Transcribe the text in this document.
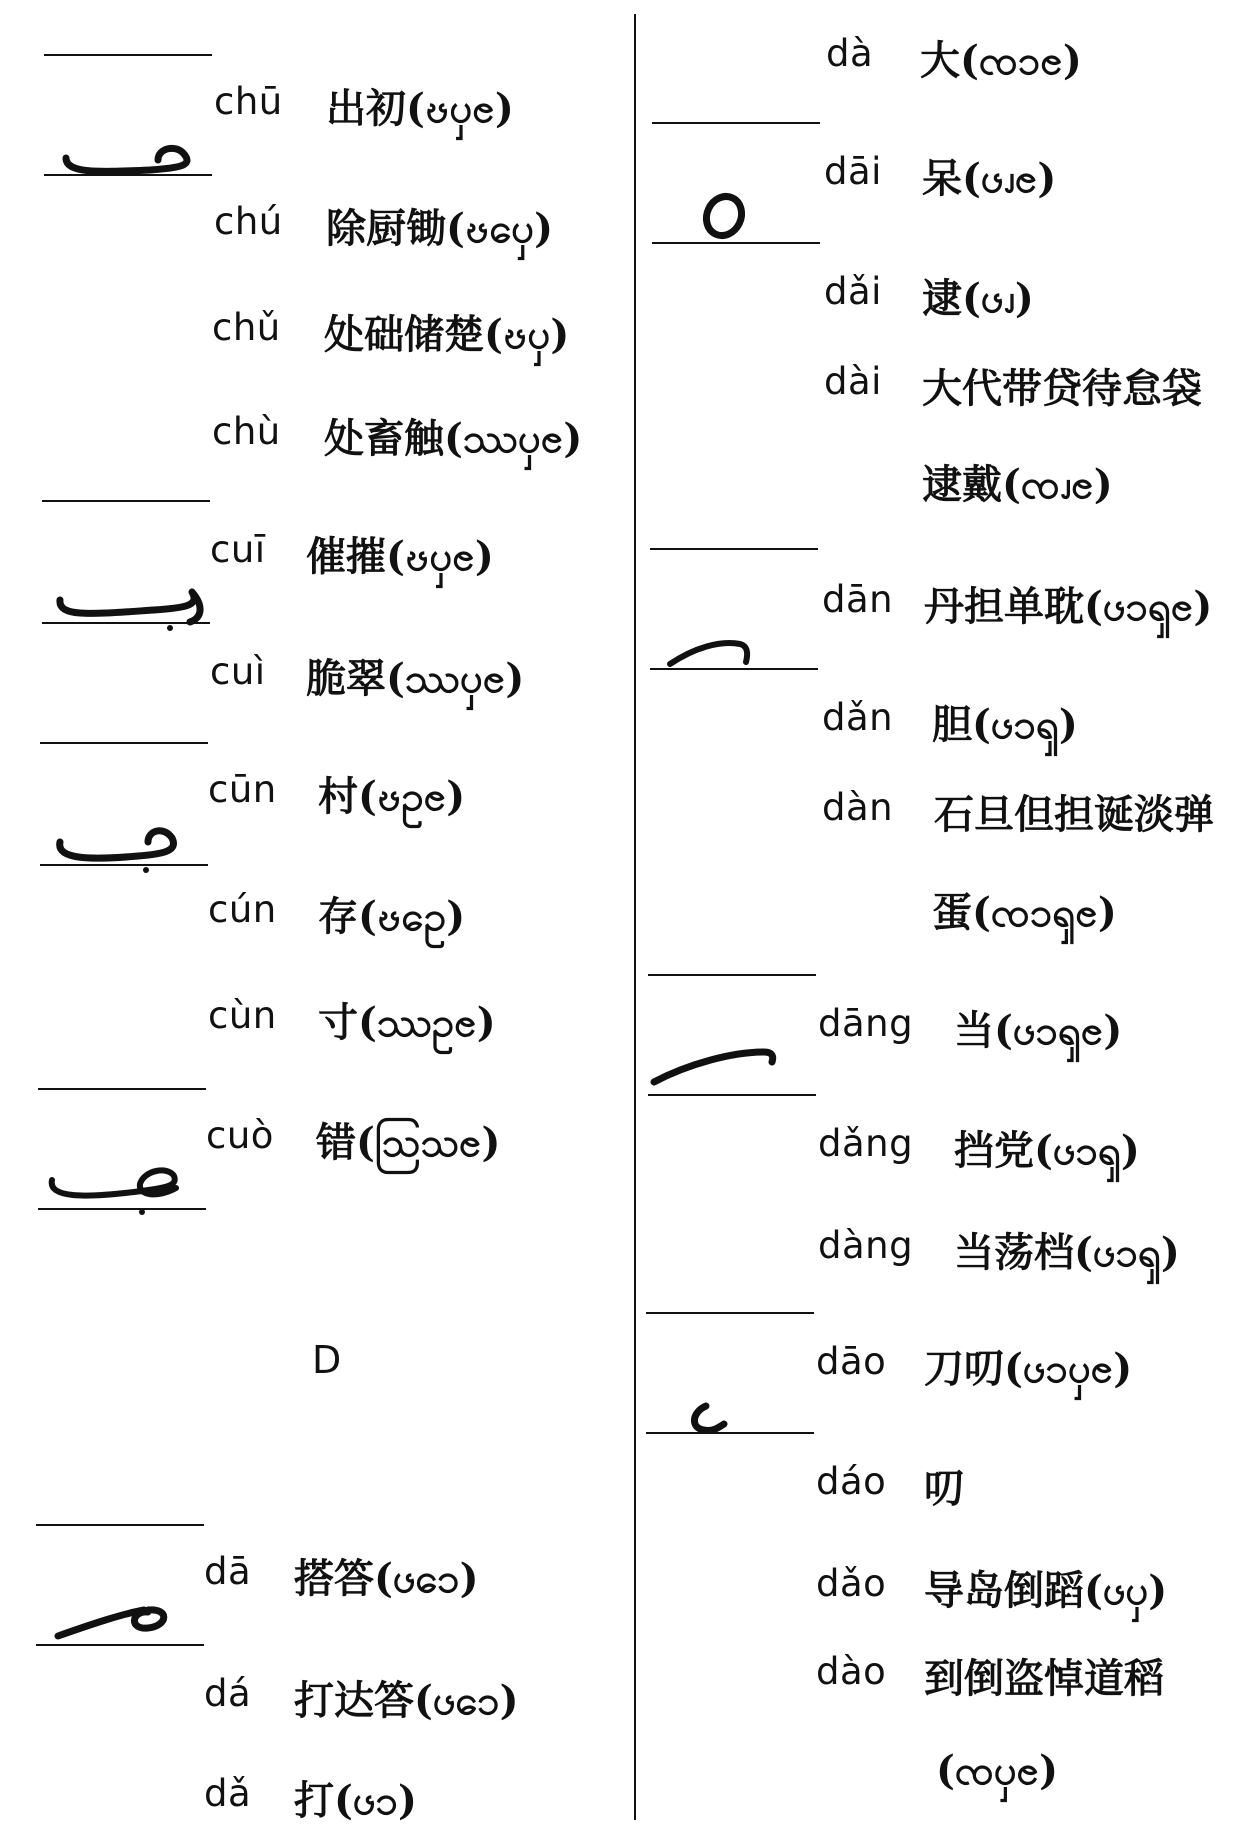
chū 出初(ၓၦၔ)
chú 除厨锄(ၓၦေ)
chǔ 处础储楚(ၓၦ)
chù 处畜触(ဿၦၔ)
cuī 催摧(ၓၦၔ)
cuì 脆翠(ဿၦၔ)
cūn 村(ၓဥၔ)
cún 存(ၓဥေ)
cùn 寸(ဿဥၔ)
cuò 错(ဩသၔ)
D
dā 搭答(ၒၥေ)
dá 打达答(ၒၥေ)
dǎ 打(ၒၥ)
dà 大(ၸၥၔ)
dāi 呆(ၒၪၔ)
dǎi 逮(ၒၪ)
dài 大代带贷待怠袋
逮戴(ၸၪၔ)
dān 丹担单耽(ၒၥၡၔ)
dǎn 胆(ၒၥၡ)
dàn 石旦但担诞淡弹
蛋(ၸၥၡၔ)
dāng 当(ၒၥၡၔ)
dǎng 挡党(ၒၥၡ)
dàng 当荡档(ၒၥၡ)
dāo 刀叨(ၒၥၦၔ)
dáo 叨
dǎo 导岛倒蹈(ၒၦ)
dào 到倒盗悼道稻
(ၸၦၔ)
